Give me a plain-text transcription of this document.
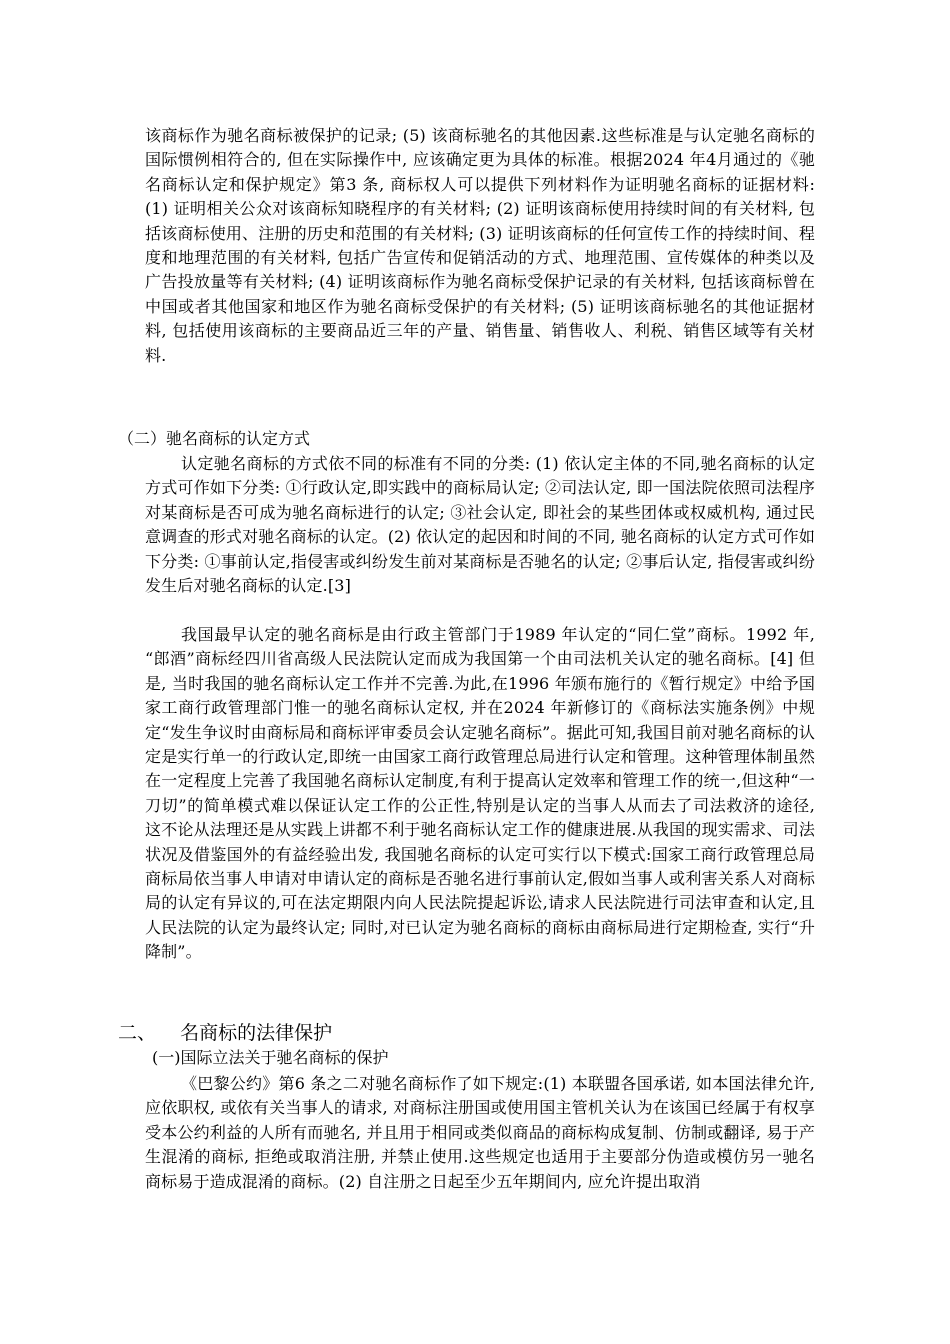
该商标作为驰名商标被保护的记录; (5) 该商标驰名的其他因素.这些标准是与认定驰名商标的国际惯例相符合的, 但在实际操作中, 应该确定更为具体的标准。根据2024 年4月通过的《驰名商标认定和保护规定》第3 条, 商标权人可以提供下列材料作为证明驰名商标的证据材料: (1) 证明相关公众对该商标知晓程序的有关材料; (2) 证明该商标使用持续时间的有关材料, 包括该商标使用、注册的历史和范围的有关材料; (3) 证明该商标的任何宣传工作的持续时间、程度和地理范围的有关材料, 包括广告宣传和促销活动的方式、地理范围、宣传媒体的种类以及广告投放量等有关材料; (4) 证明该商标作为驰名商标受保护记录的有关材料, 包括该商标曾在中国或者其他国家和地区作为驰名商标受保护的有关材料; (5) 证明该商标驰名的其他证据材料, 包括使用该商标的主要商品近三年的产量、销售量、销售收人、利税、销售区域等有关材料.

（二）驰名商标的认定方式

认定驰名商标的方式依不同的标准有不同的分类: (1) 依认定主体的不同,驰名商标的认定方式可作如下分类: ①行政认定,即实践中的商标局认定; ②司法认定, 即一国法院依照司法程序对某商标是否可成为驰名商标进行的认定; ③社会认定, 即社会的某些团体或权威机构, 通过民意调查的形式对驰名商标的认定。(2) 依认定的起因和时间的不同, 驰名商标的认定方式可作如下分类: ①事前认定,指侵害或纠纷发生前对某商标是否驰名的认定; ②事后认定, 指侵害或纠纷发生后对驰名商标的认定.[3]

我国最早认定的驰名商标是由行政主管部门于1989 年认定的“同仁堂”商标。1992 年, “郎酒”商标经四川省高级人民法院认定而成为我国第一个由司法机关认定的驰名商标。[4] 但是, 当时我国的驰名商标认定工作并不完善.为此,在1996 年颁布施行的《暂行规定》中给予国家工商行政管理部门惟一的驰名商标认定权, 并在2024 年新修订的《商标法实施条例》中规定“发生争议时由商标局和商标评审委员会认定驰名商标”。据此可知,我国目前对驰名商标的认定是实行单一的行政认定,即统一由国家工商行政管理总局进行认定和管理。这种管理体制虽然在一定程度上完善了我国驰名商标认定制度,有利于提高认定效率和管理工作的统一,但这种“一刀切”的简单模式难以保证认定工作的公正性,特别是认定的当事人从而去了司法救济的途径, 这不论从法理还是从实践上讲都不利于驰名商标认定工作的健康进展.从我国的现实需求、司法状况及借鉴国外的有益经验出发, 我国驰名商标的认定可实行以下模式:国家工商行政管理总局商标局依当事人申请对申请认定的商标是否驰名进行事前认定,假如当事人或利害关系人对商标局的认定有异议的,可在法定期限内向人民法院提起诉讼,请求人民法院进行司法审查和认定,且人民法院的认定为最终认定; 同时,对已认定为驰名商标的商标由商标局进行定期检查, 实行“升降制”。

二、    名商标的法律保护

(一)国际立法关于驰名商标的保护

《巴黎公约》第6 条之二对驰名商标作了如下规定:(1) 本联盟各国承诺, 如本国法律允许, 应依职权, 或依有关当事人的请求, 对商标注册国或使用国主管机关认为在该国已经属于有权享受本公约利益的人所有而驰名, 并且用于相同或类似商品的商标构成复制、仿制或翻译, 易于产生混淆的商标, 拒绝或取消注册, 并禁止使用.这些规定也适用于主要部分伪造或模仿另一驰名商标易于造成混淆的商标。(2) 自注册之日起至少五年期间内, 应允许提出取消
